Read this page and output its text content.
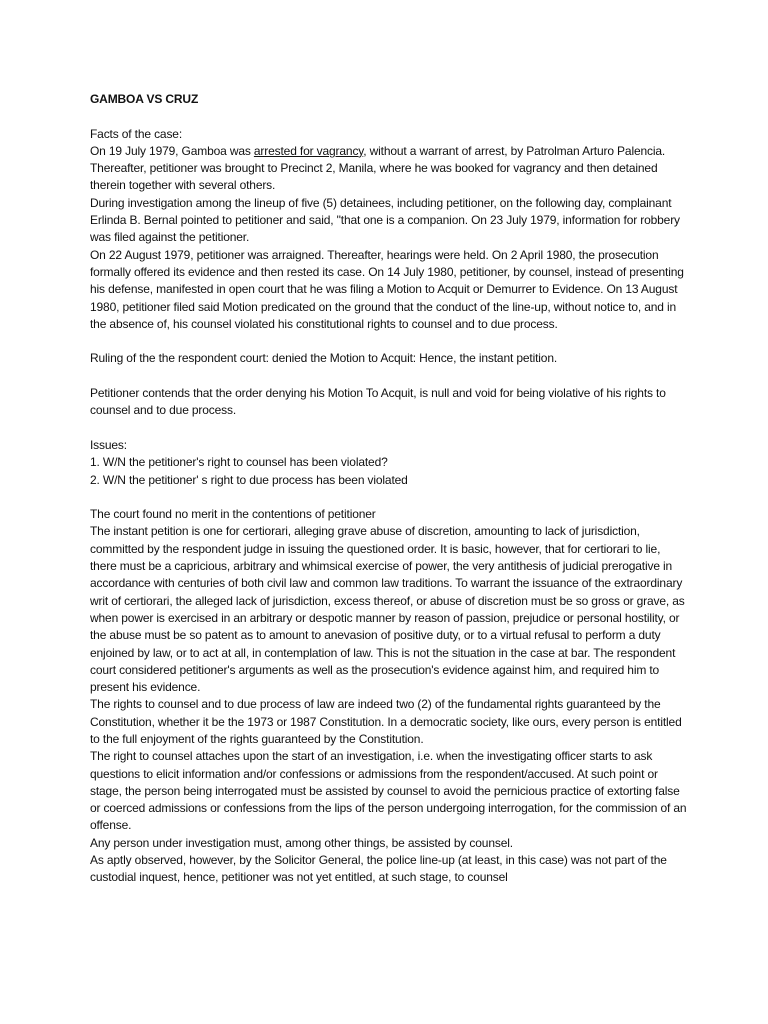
GAMBOA VS CRUZ

Facts of the case:

On 19 July 1979, Gamboa was arrested for vagrancy, without a warrant of arrest, by Patrolman Arturo Palencia. Thereafter, petitioner was brought to Precinct 2, Manila, where he was booked for vagrancy and then detained therein together with several others.

During investigation among the lineup of five (5) detainees, including petitioner, on the following day, complainant Erlinda B. Bernal pointed to petitioner and said, "that one is a companion. On 23 July 1979, information for robbery was filed against the petitioner.

On 22 August 1979, petitioner was arraigned. Thereafter, hearings were held. On 2 April 1980, the prosecution formally offered its evidence and then rested its case. On 14 July 1980, petitioner, by counsel, instead of presenting his defense, manifested in open court that he was filing a Motion to Acquit or Demurrer to Evidence. On 13 August 1980, petitioner filed said Motion predicated on the ground that the conduct of the line-up, without notice to, and in the absence of, his counsel violated his constitutional rights to counsel and to due process.

Ruling of the the respondent court: denied the Motion to Acquit: Hence, the instant petition.

Petitioner contends that the order denying his Motion To Acquit, is null and void for being violative of his rights to counsel and to due process.

Issues:

1. W/N the petitioner's right to counsel has been violated?

2. W/N the petitioner' s right to due process has been violated

The court found no merit in the contentions of petitioner

The instant petition is one for certiorari, alleging grave abuse of discretion, amounting to lack of jurisdiction, committed by the respondent judge in issuing the questioned order. It is basic, however, that for certiorari to lie, there must be a capricious, arbitrary and whimsical exercise of power, the very antithesis of judicial prerogative in accordance with centuries of both civil law and common law traditions. To warrant the issuance of the extraordinary writ of certiorari, the alleged lack of jurisdiction, excess thereof, or abuse of discretion must be so gross or grave, as when power is exercised in an arbitrary or despotic manner by reason of passion, prejudice or personal hostility, or the abuse must be so patent as to amount to anevasion of positive duty, or to a virtual refusal to perform a duty enjoined by law, or to act at all, in contemplation of law. This is not the situation in the case at bar. The respondent court considered petitioner's arguments as well as the prosecution's evidence against him, and required him to present his evidence.

The rights to counsel and to due process of law are indeed two (2) of the fundamental rights guaranteed by the Constitution, whether it be the 1973 or 1987 Constitution. In a democratic society, like ours, every person is entitled to the full enjoyment of the rights guaranteed by the Constitution.

The right to counsel attaches upon the start of an investigation, i.e. when the investigating officer starts to ask questions to elicit information and/or confessions or admissions from the respondent/accused. At such point or stage, the person being interrogated must be assisted by counsel to avoid the pernicious practice of extorting false or coerced admissions or confessions from the lips of the person undergoing interrogation, for the commission of an offense.

Any person under investigation must, among other things, be assisted by counsel.

As aptly observed, however, by the Solicitor General, the police line-up (at least, in this case) was not part of the custodial inquest, hence, petitioner was not yet entitled, at such stage, to counsel
